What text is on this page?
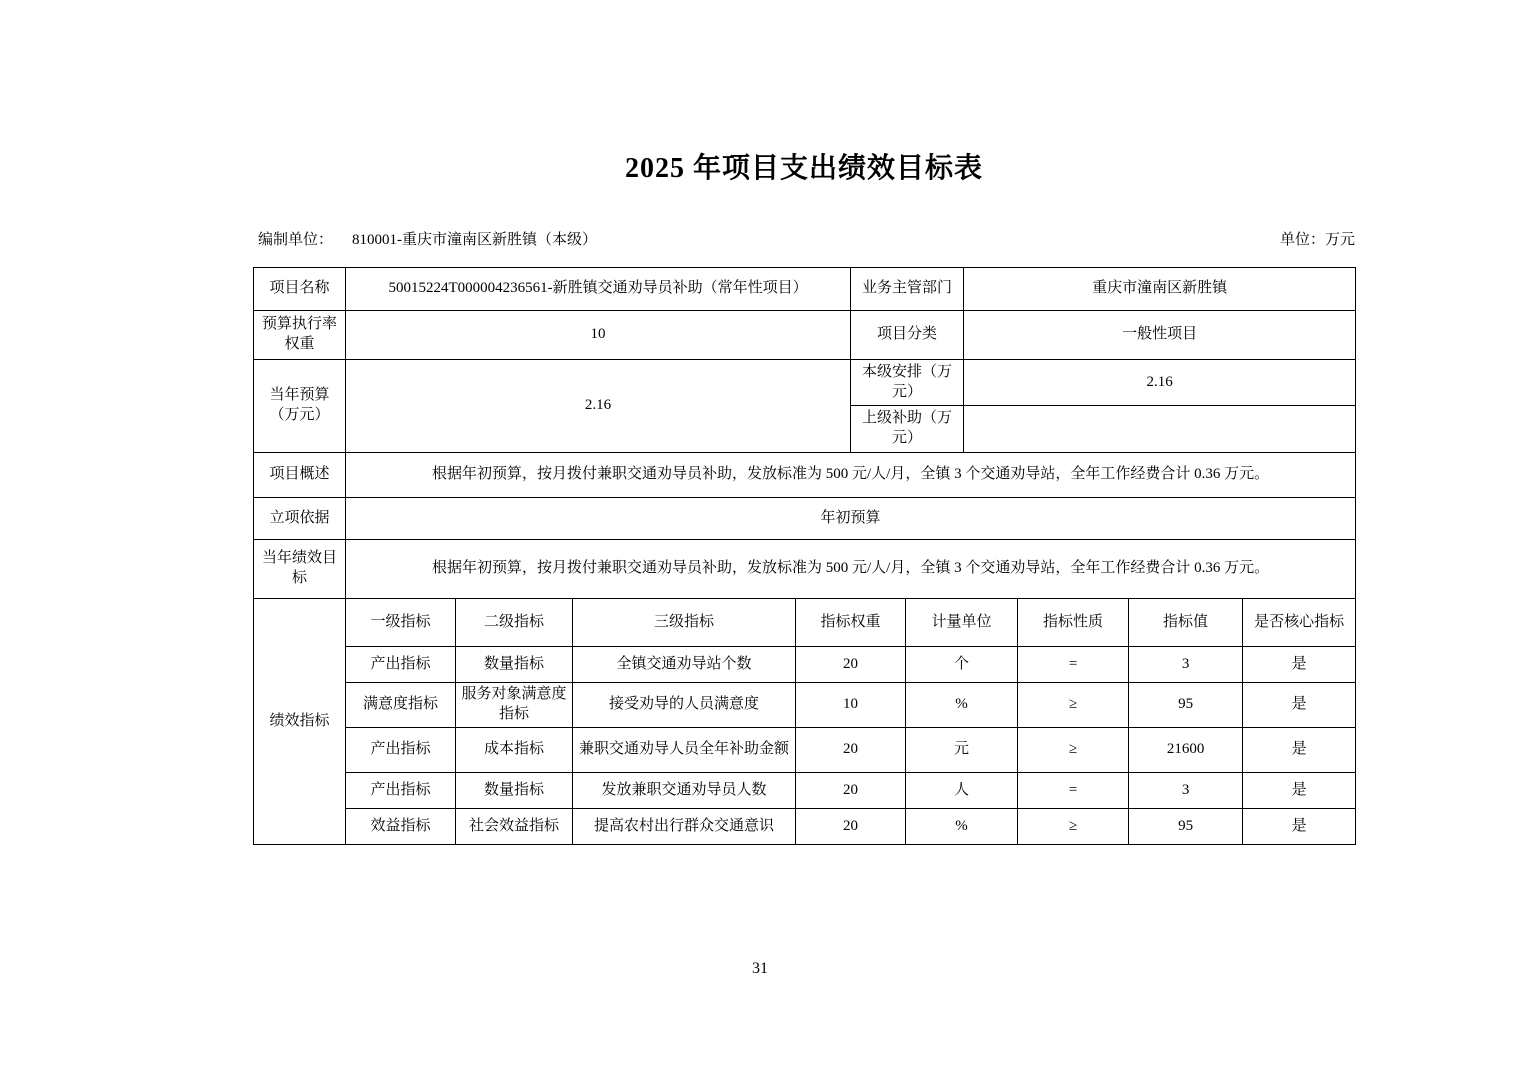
2025 年项目支出绩效目标表
编制单位： 810001-重庆市潼南区新胜镇（本级）	单位：万元
项目名称	50015224T000004236561-新胜镇交通劝导员补助（常年性项目）				业务主管部门		重庆市潼南区新胜镇			
预算执行率权重	10				项目分类		一般性项目			
当年预算（万元）	2.16				本级安排（万元）		2.16			
					上级补助（万元）					
项目概述	根据年初预算，按月拨付兼职交通劝导员补助，发放标准为 500 元/人/月，全镇 3 个交通劝导站，全年工作经费合计 0.36 万元。									
立项依据	年初预算									
当年绩效目标	根据年初预算，按月拨付兼职交通劝导员补助，发放标准为 500 元/人/月，全镇 3 个交通劝导站，全年工作经费合计 0.36 万元。									
绩效指标	一级指标	二级指标	三级指标	指标权重		计量单位		指标性质	指标值	是否核心指标
	产出指标	数量指标	全镇交通劝导站个数	20		个		=	3	是
	满意度指标	服务对象满意度指标	接受劝导的人员满意度	10		%		≥	95	是
	产出指标	成本指标	兼职交通劝导人员全年补助金额	20		元		≥	21600	是
	产出指标	数量指标	发放兼职交通劝导员人数	20		人		=	3	是
	效益指标	社会效益指标	提高农村出行群众交通意识	20		%		≥	95	是
31
